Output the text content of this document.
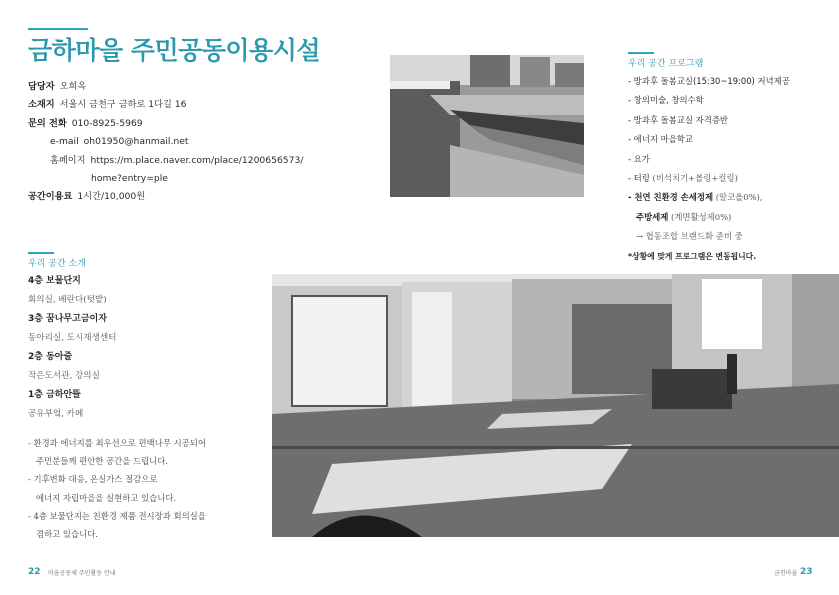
금하마을 주민공동이용시설
담당자 오희옥
소재지 서울시 금천구 금하로 1다길 16
문의 전화 010-8925-5969
e-mail oh01950@hanmail.net
홈페이지 https://m.place.naver.com/place/1200656573/
home?entry=ple
공간이용료 1시간/10,000원
우리 공간 프로그램
- 방과후 돌봄교실(15:30~19:00) 저녁제공
- 창의미술, 창의수학
- 방과후 돌봄교실 자격증반
- 에너지 마을학교
- 요가
- 터링 (비석치기+볼링+컬링)
- 천연 친환경 손세정제 (알코올0%),
주방세제 (계면활성제0%)
→ 협동조합 브랜드화 준비 중
*상황에 맞게 프로그램은 변동됩니다.
우리 공간 소개
4층 보물단지
회의실, 베란다(텃밭)
3층 꿈나무고금이자
동아리실, 도시재생센터
2층 동아줄
작은도서관, 강의실
1층 금하안뜰
공유부엌, 카페
- 환경과 에너지를 최우선으로 편백나무 시공되어
주민분들께 편안한 공간을 드립니다.
- 기후변화 대응, 온실가스 절감으로
에너지 자립마을을 실현하고 있습니다.
- 4층 보물단지는 친환경 제품 전시장과 회의실을
겸하고 있습니다.
22 마을공동체 주민활동 안내	금천마을 23
